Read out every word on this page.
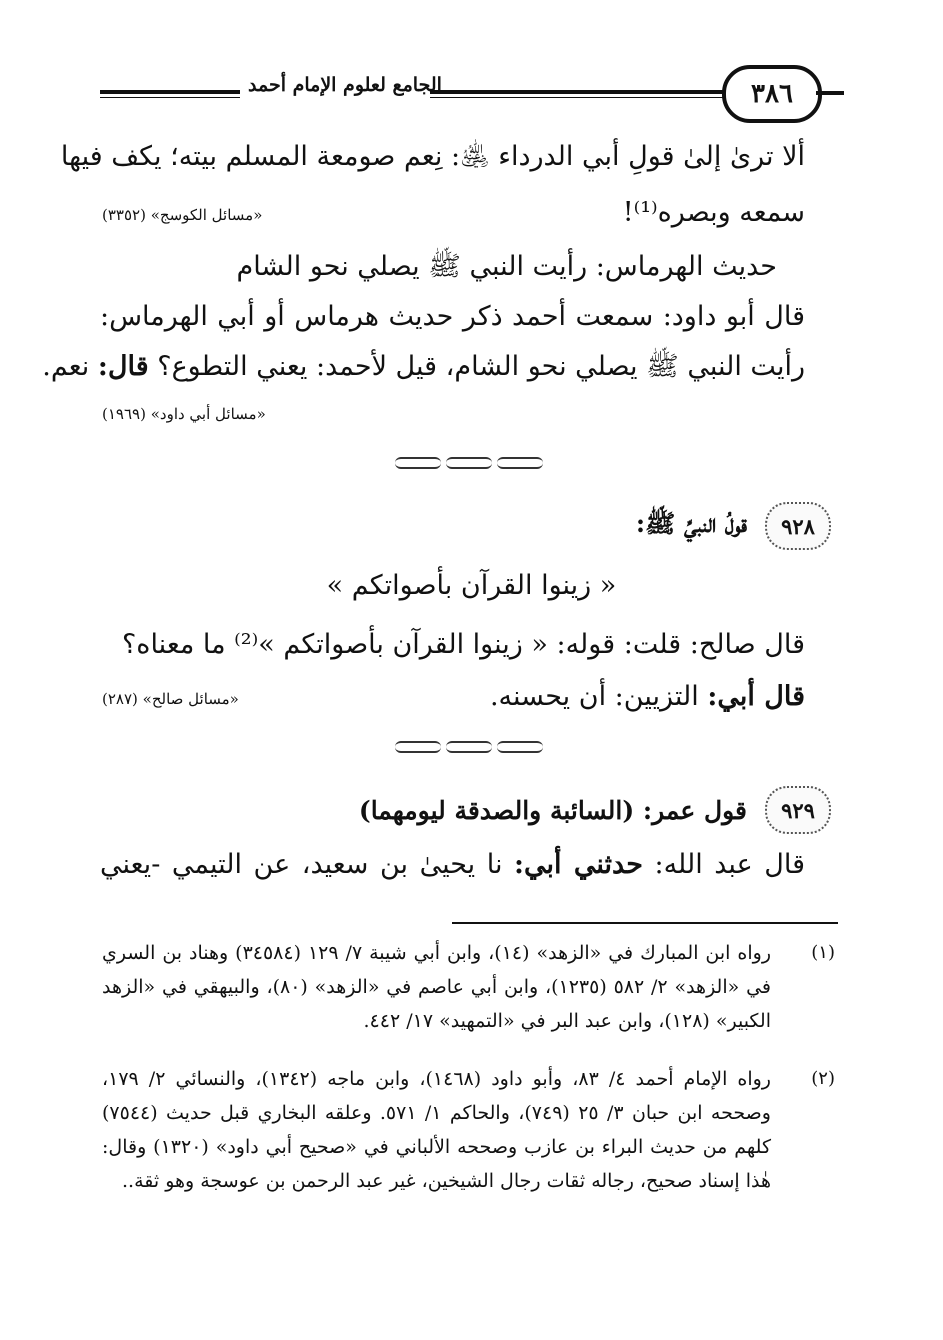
الجامع لعلوم الإمام أحمد	٣٨٦
ألا ترىٰ إلىٰ قولِ أبي الدرداء ﵁: نِعم صومعة المسلم بيته؛ يكف فيها
سمعه وبصره⁽¹⁾!
«مسائل الكوسج» (٣٣٥٢)
حديث الهرماس: رأيت النبي ﷺ يصلي نحو الشام
قال أبو داود: سمعت أحمد ذكر حديث هرماس أو أبي الهرماس:
رأيت النبي ﷺ يصلي نحو الشام، قيل لأحمد: يعني التطوع؟ قال: نعم.
«مسائل أبي داود» (١٩٦٩)
٩٢٨
قولُ النبيِّ ﷺ:
« زينوا القرآن بأصواتكم »
قال صالح: قلت: قوله: « زينوا القرآن بأصواتكم »⁽²⁾ ما معناه؟
قال أبي: التزيين: أن يحسنه.
«مسائل صالح» (٢٨٧)
٩٢٩
قول عمر: (السائبة والصدقة ليومهما)
قال عبد الله: حدثني أبي: نا يحيىٰ بن سعيد، عن التيمي -يعني
(١)
رواه ابن المبارك في «الزهد» (١٤)، وابن أبي شيبة ٧/ ١٢٩ (٣٤٥٨٤) وهناد بن السري في «الزهد» ٢/ ٥٨٢ (١٢٣٥)، وابن أبي عاصم في «الزهد» (٨٠)، والبيهقي في «الزهد الكبير» (١٢٨)، وابن عبد البر في «التمهيد» ١٧/ ٤٤٢.
(٢)
رواه الإمام أحمد ٤/ ٨٣، وأبو داود (١٤٦٨)، وابن ماجه (١٣٤٢)، والنسائي ٢/ ١٧٩، وصححه ابن حبان ٣/ ٢٥ (٧٤٩)، والحاكم ١/ ٥٧١. وعلقه البخاري قبل حديث (٧٥٤٤) كلهم من حديث البراء بن عازب وصححه الألباني في «صحيح أبي داود» (١٣٢٠) وقال: هٰذا إسناد صحيح، رجاله ثقات رجال الشيخين، غير عبد الرحمن بن عوسجة وهو ثقة..
